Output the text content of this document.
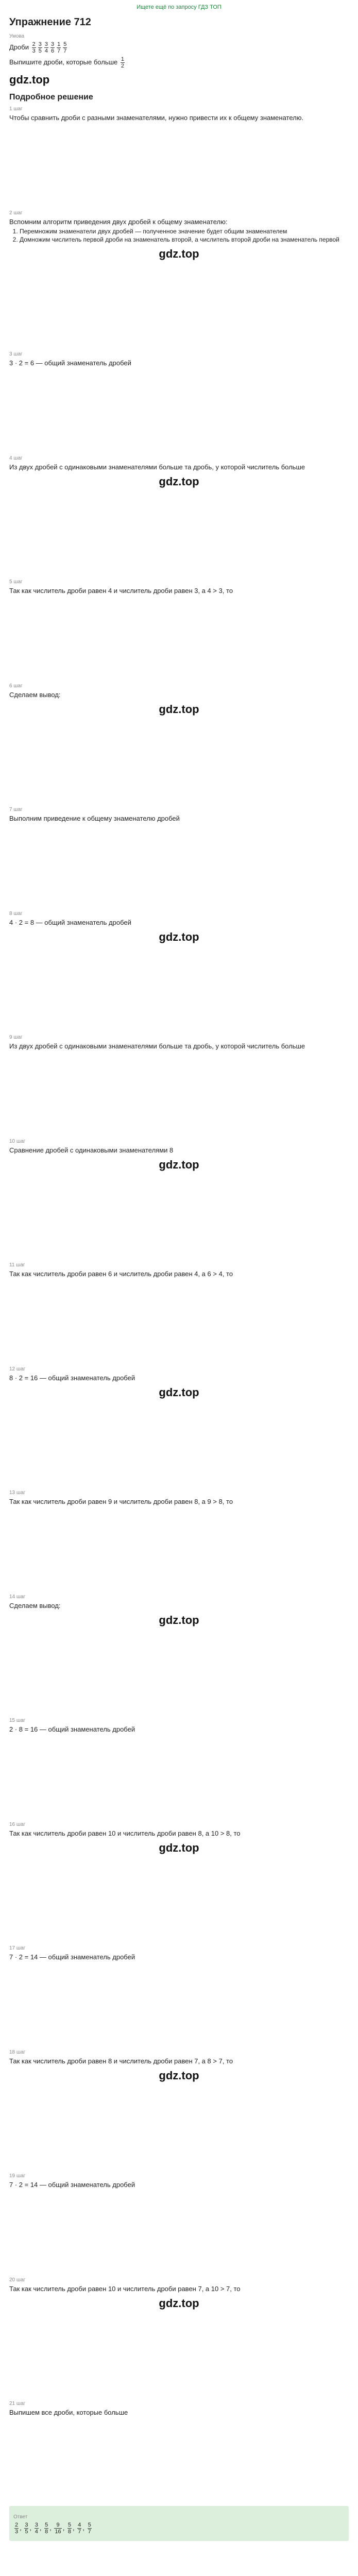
Ищете ещё по запросу ГДЗ ТОП
Упражнение 712
Умова
Дроби $\frac{2}{3} \frac{3}{5} \frac{3}{4} \frac{3}{6} \frac{1}{7} \frac{5}{7}$
Выпишите дроби, которые больше $\frac{1}{2}$
gdz.top
Подробное решение
1 шаг
Чтобы сравнить дроби с разными знаменателями, нужно привести их к общему знаменателю.
2 шаг
Вспомним алгоритм приведения двух дробей к общему знаменателю:
1. Перемножим знаменатели двух дробей — полученное значение будет общим знаменателем
2. Домножим числитель первой дроби на знаменатель второй, а числитель второй дроби на знаменатель первой
gdz.top
3 шаг
3 · 2 = 6 — общий знаменатель дробей
4 шаг
Из двух дробей с одинаковыми знаменателями больше та дробь, у которой числитель больше
gdz.top
5 шаг
Так как числитель дроби равен 4 и числитель дроби равен 3, а 4 > 3, то
6 шаг
Сделаем вывод:
gdz.top
7 шаг
Выполним приведение к общему знаменателю дробей
8 шаг
4 · 2 = 8 — общий знаменатель дробей
gdz.top
9 шаг
Из двух дробей с одинаковыми знаменателями больше та дробь, у которой числитель больше
10 шаг
Сравнение дробей с одинаковыми знаменателями 8
gdz.top
11 шаг
Так как числитель дроби равен 6 и числитель дроби равен 4, а 6 > 4, то
12 шаг
8 · 2 = 16 — общий знаменатель дробей
gdz.top
13 шаг
Так как числитель дроби равен 9 и числитель дроби равен 8, а 9 > 8, то
14 шаг
Сделаем вывод:
gdz.top
15 шаг
2 · 8 = 16 — общий знаменатель дробей
16 шаг
Так как числитель дроби равен 10 и числитель дроби равен 8, а 10 > 8, то
gdz.top
17 шаг
7 · 2 = 14 — общий знаменатель дробей
18 шаг
Так как числитель дроби равен 8 и числитель дроби равен 7, а 8 > 7, то
gdz.top
19 шаг
7 · 2 = 14 — общий знаменатель дробей
20 шаг
Так как числитель дроби равен 10 и числитель дроби равен 7, а 10 > 7, то
gdz.top
21 шаг
Выпишем все дроби, которые больше
Ответ
$\frac{2}{3}$ , $\frac{3}{5}$ , $\frac{3}{4}$ , $\frac{5}{8}$ , $\frac{9}{16}$ , $\frac{5}{8}$ , $\frac{4}{7}$ , $\frac{5}{7}$
